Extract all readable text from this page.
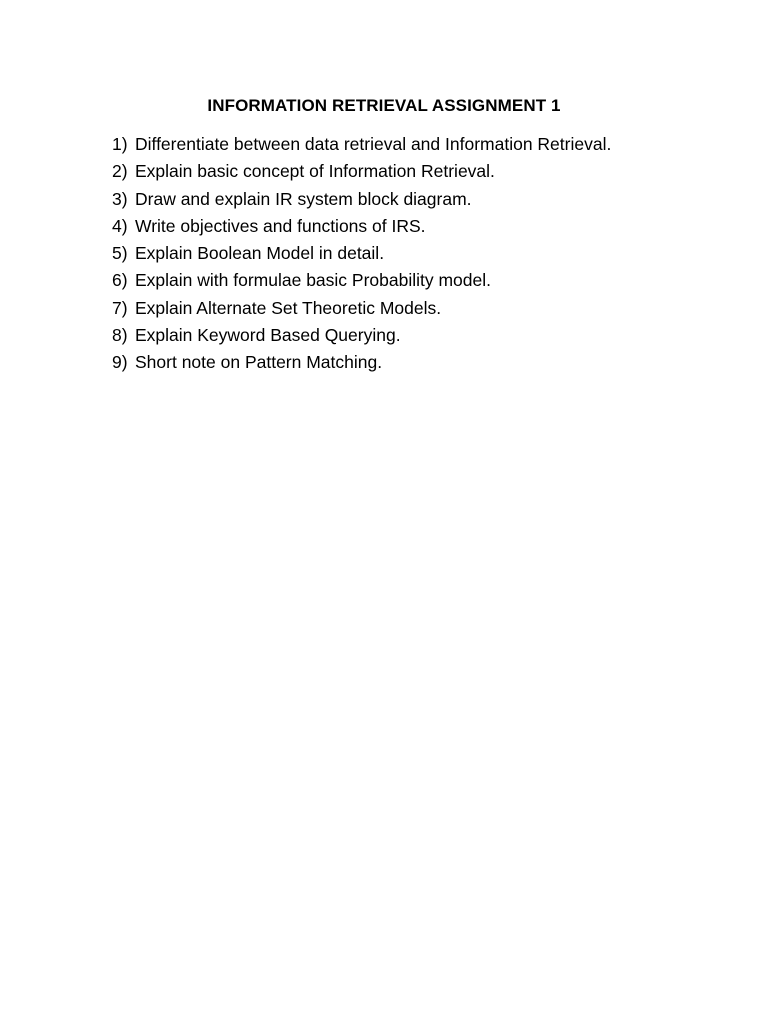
INFORMATION RETRIEVAL ASSIGNMENT 1
1) Differentiate between data retrieval and Information Retrieval.
2) Explain basic concept of Information Retrieval.
3) Draw and explain IR system block diagram.
4) Write objectives and functions of IRS.
5) Explain Boolean Model in detail.
6) Explain with formulae basic Probability model.
7) Explain Alternate Set Theoretic Models.
8) Explain Keyword Based Querying.
9) Short note on Pattern Matching.
